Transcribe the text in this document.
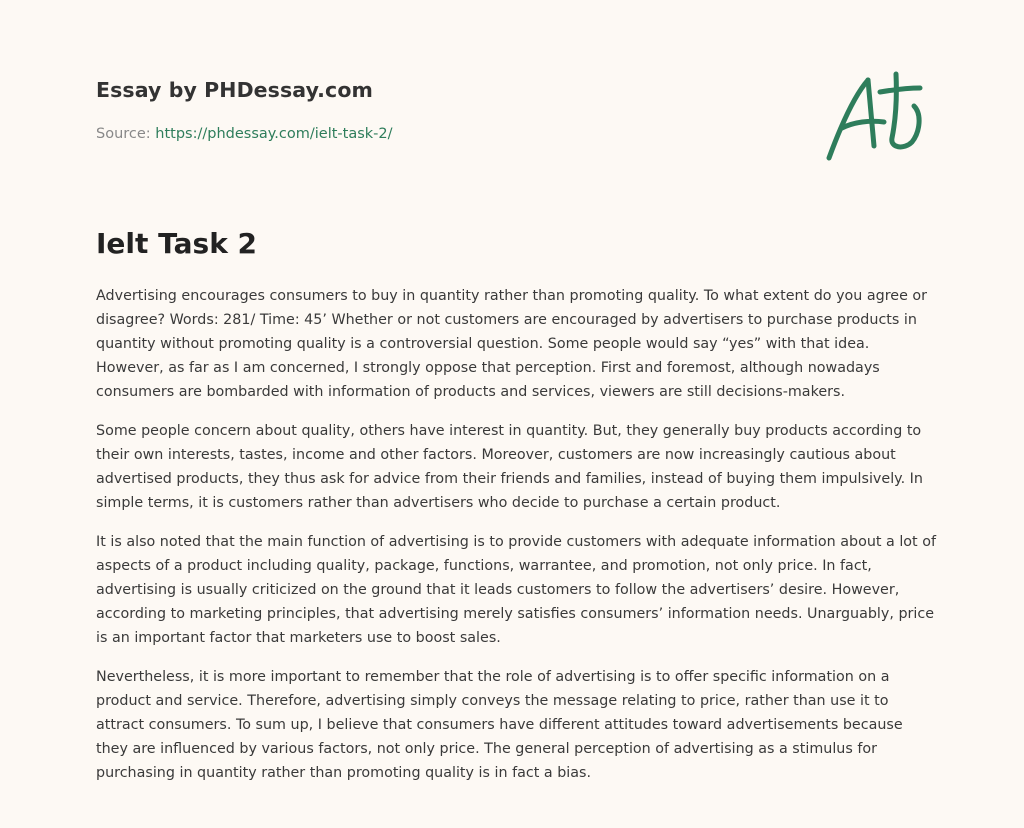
Essay by PHDessay.com
Source: https://phdessay.com/ielt-task-2/
Ielt Task 2

Advertising encourages consumers to buy in quantity rather than promoting quality. To what extent do you agree or disagree? Words: 281/ Time: 45’ Whether or not customers are encouraged by advertisers to purchase products in quantity without promoting quality is a controversial question. Some people would say “yes” with that idea. However, as far as I am concerned, I strongly oppose that perception. First and foremost, although nowadays consumers are bombarded with information of products and services, viewers are still decisions-makers.

Some people concern about quality, others have interest in quantity. But, they generally buy products according to their own interests, tastes, income and other factors. Moreover, customers are now increasingly cautious about advertised products, they thus ask for advice from their friends and families, instead of buying them impulsively. In simple terms, it is customers rather than advertisers who decide to purchase a certain product.

It is also noted that the main function of advertising is to provide customers with adequate information about a lot of aspects of a product including quality, package, functions, warrantee, and promotion, not only price. In fact, advertising is usually criticized on the ground that it leads customers to follow the advertisers’ desire. However, according to marketing principles, that advertising merely satisfies consumers’ information needs. Unarguably, price is an important factor that marketers use to boost sales.

Nevertheless, it is more important to remember that the role of advertising is to offer specific information on a product and service. Therefore, advertising simply conveys the message relating to price, rather than use it to attract consumers. To sum up, I believe that consumers have different attitudes toward advertisements because they are influenced by various factors, not only price. The general perception of advertising as a stimulus for purchasing in quantity rather than promoting quality is in fact a bias.
